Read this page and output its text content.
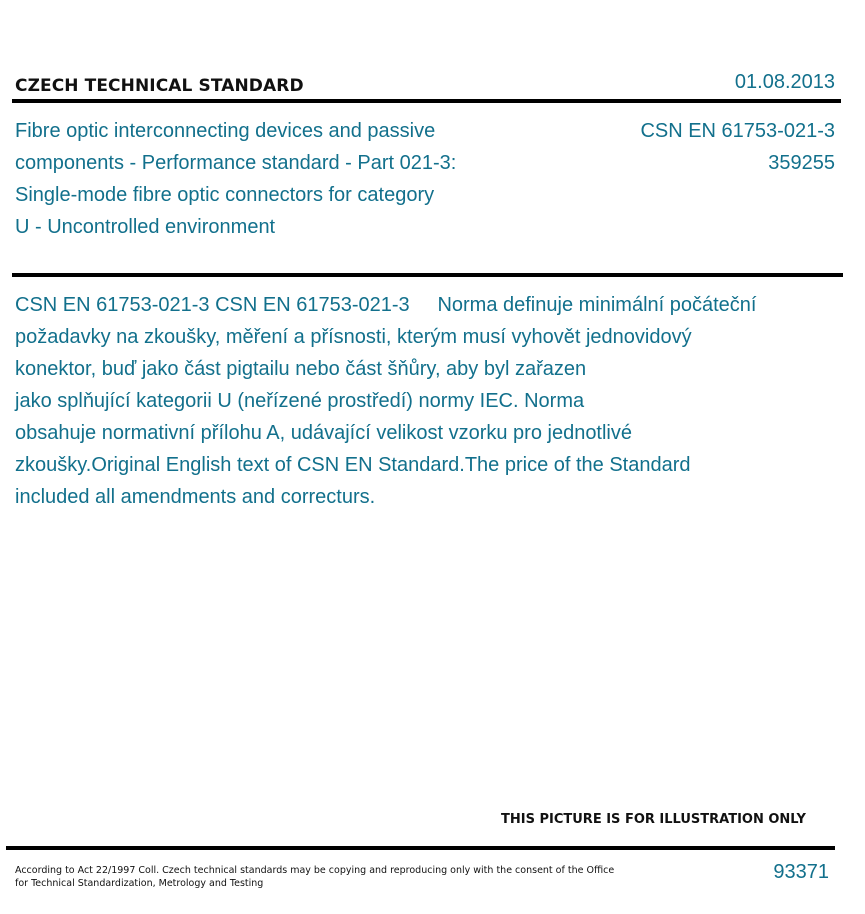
CZECH TECHNICAL STANDARD	01.08.2013
Fibre optic interconnecting devices and passive
components - Performance standard - Part 021-3:
Single-mode fibre optic connectors for category
U - Uncontrolled environment
CSN EN 61753-021-3
359255
CSN EN 61753-021-3 CSN EN 61753-021-3     Norma definuje minimální počáteční
požadavky na zkoušky, měření a přísnosti, kterým musí vyhovět jednovidový
konektor, buď jako část pigtailu nebo část šňůry, aby byl zařazen
jako splňující kategorii U (neřízené prostředí) normy IEC. Norma
obsahuje normativní přílohu A, udávající velikost vzorku pro jednotlivé
zkoušky.Original English text of CSN EN Standard.The price of the Standard
included all amendments and correcturs.
THIS PICTURE IS FOR ILLUSTRATION ONLY
According to Act 22/1997 Coll. Czech technical standards may be copying and reproducing only with the consent of the Office
for Technical Standardization, Metrology and Testing
93371
